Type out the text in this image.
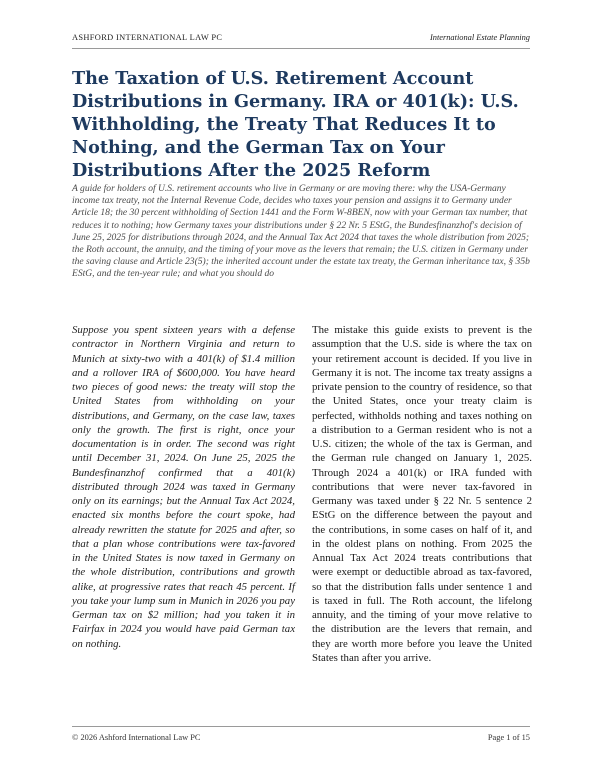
ASHFORD INTERNATIONAL LAW PC	International Estate Planning
The Taxation of U.S. Retirement Account Distributions in Germany. IRA or 401(k): U.S. Withholding, the Treaty That Reduces It to Nothing, and the German Tax on Your Distributions After the 2025 Reform

A guide for holders of U.S. retirement accounts who live in Germany or are moving there: why the USA-Germany income tax treaty, not the Internal Revenue Code, decides who taxes your pension and assigns it to Germany under Article 18; the 30 percent withholding of Section 1441 and the Form W-8BEN, now with your German tax number, that reduces it to nothing; how Germany taxes your distributions under § 22 Nr. 5 EStG, the Bundesfinanzhof's decision of June 25, 2025 for distributions through 2024, and the Annual Tax Act 2024 that taxes the whole distribution from 2025; the Roth account, the annuity, and the timing of your move as the levers that remain; the U.S. citizen in Germany under the saving clause and Article 23(5); the inherited account under the estate tax treaty, the German inheritance tax, § 35b EStG, and the ten-year rule; and what you should do

Suppose you spent sixteen years with a defense contractor in Northern Virginia and return to Munich at sixty-two with a 401(k) of $1.4 million and a rollover IRA of $600,000. You have heard two pieces of good news: the treaty will stop the United States from withholding on your distributions, and Germany, on the case law, taxes only the growth. The first is right, once your documentation is in order. The second was right until December 31, 2024. On June 25, 2025 the Bundesfinanzhof confirmed that a 401(k) distributed through 2024 was taxed in Germany only on its earnings; but the Annual Tax Act 2024, enacted six months before the court spoke, had already rewritten the statute for 2025 and after, so that a plan whose contributions were tax-favored in the United States is now taxed in Germany on the whole distribution, contributions and growth alike, at progressive rates that reach 45 percent. If you take your lump sum in Munich in 2026 you pay German tax on $2 million; had you taken it in Fairfax in 2024 you would have paid German tax on nothing.

The mistake this guide exists to prevent is the assumption that the U.S. side is where the tax on your retirement account is decided. If you live in Germany it is not. The income tax treaty assigns a private pension to the country of residence, so that the United States, once your treaty claim is perfected, withholds nothing and taxes nothing on a distribution to a German resident who is not a U.S. citizen; the whole of the tax is German, and the German rule changed on January 1, 2025. Through 2024 a 401(k) or IRA funded with contributions that were never tax-favored in Germany was taxed under § 22 Nr. 5 sentence 2 EStG on the difference between the payout and the contributions, in some cases on half of it, and in the oldest plans on nothing. From 2025 the Annual Tax Act 2024 treats contributions that were exempt or deductible abroad as tax-favored, so that the distribution falls under sentence 1 and is taxed in full. The Roth account, the lifelong annuity, and the timing of your move relative to the distribution are the levers that remain, and they are worth more before you leave the United States than after you arrive.

© 2026 Ashford International Law PC	Page 1 of 15
